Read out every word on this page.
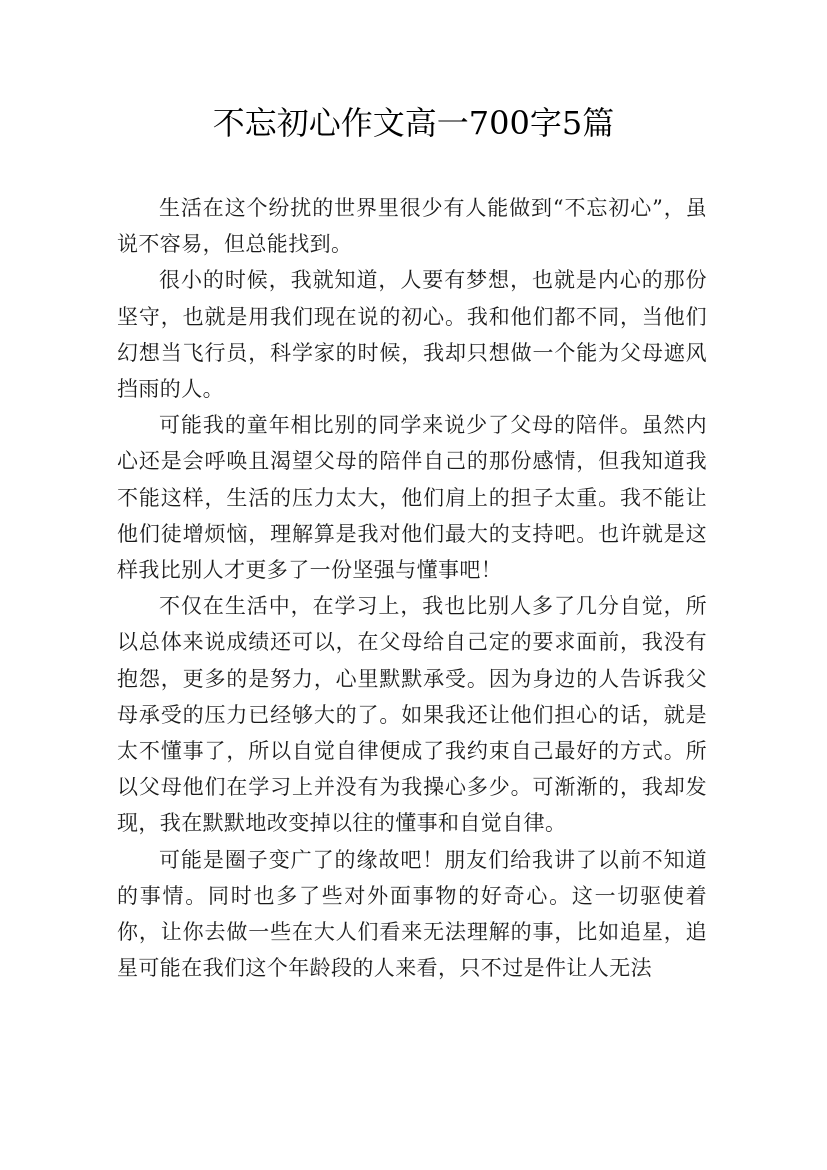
不忘初心作文高一700字5篇

生活在这个纷扰的世界里很少有人能做到“不忘初心”，虽说不容易，但总能找到。

很小的时候，我就知道，人要有梦想，也就是内心的那份坚守，也就是用我们现在说的初心。我和他们都不同，当他们幻想当飞行员，科学家的时候，我却只想做一个能为父母遮风挡雨的人。

可能我的童年相比别的同学来说少了父母的陪伴。虽然内心还是会呼唤且渴望父母的陪伴自己的那份感情，但我知道我不能这样，生活的压力太大，他们肩上的担子太重。我不能让他们徒增烦恼，理解算是我对他们最大的支持吧。也许就是这样我比别人才更多了一份坚强与懂事吧！

不仅在生活中，在学习上，我也比别人多了几分自觉，所以总体来说成绩还可以，在父母给自己定的要求面前，我没有抱怨，更多的是努力，心里默默承受。因为身边的人告诉我父母承受的压力已经够大的了。如果我还让他们担心的话，就是太不懂事了，所以自觉自律便成了我约束自己最好的方式。所以父母他们在学习上并没有为我操心多少。可渐渐的，我却发现，我在默默地改变掉以往的懂事和自觉自律。

可能是圈子变广了的缘故吧！朋友们给我讲了以前不知道的事情。同时也多了些对外面事物的好奇心。这一切驱使着你，让你去做一些在大人们看来无法理解的事，比如追星，追星可能在我们这个年龄段的人来看，只不过是件让人无法
